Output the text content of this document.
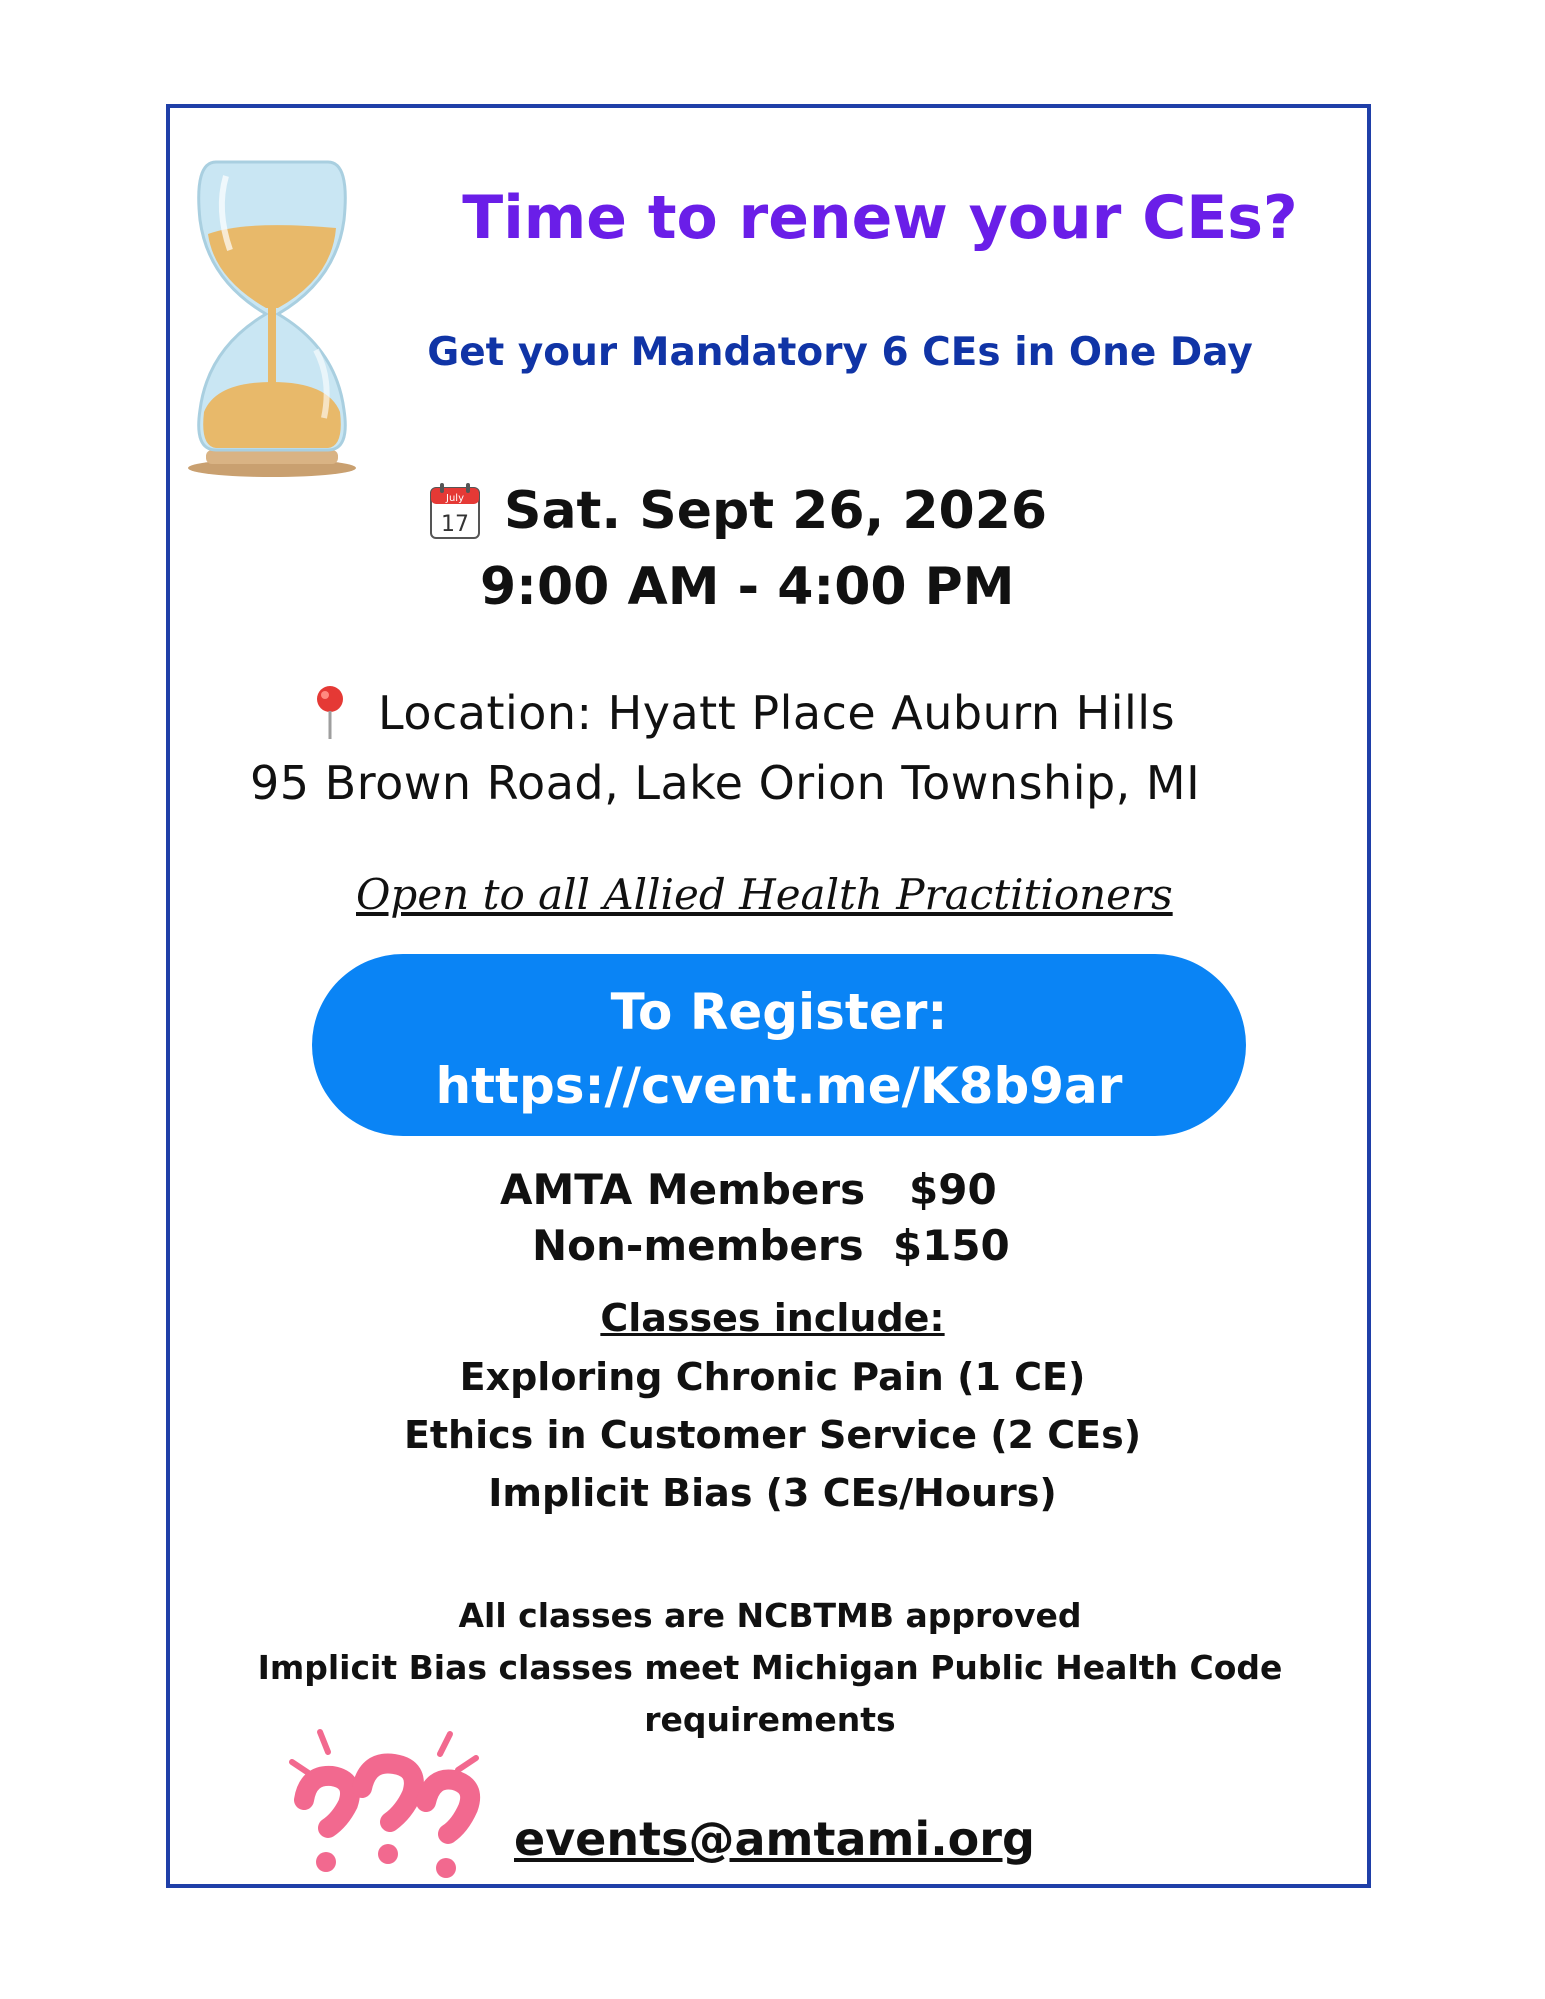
Time to renew your CEs?
Get your Mandatory 6 CEs in One Day
July
17 Sat. Sept 26, 2026
9:00 AM - 4:00 PM
Location: Hyatt Place Auburn Hills
95 Brown Road, Lake Orion Township, MI
Open to all Allied Health Practitioners
To Register:
https://cvent.me/K8b9ar
AMTA Members $90
Non-members $150
Classes include:
Exploring Chronic Pain (1 CE)
Ethics in Customer Service (2 CEs)
Implicit Bias (3 CEs/Hours)
All classes are NCBTMB approved
Implicit Bias classes meet Michigan Public Health Code
requirements
events@amtami.org
